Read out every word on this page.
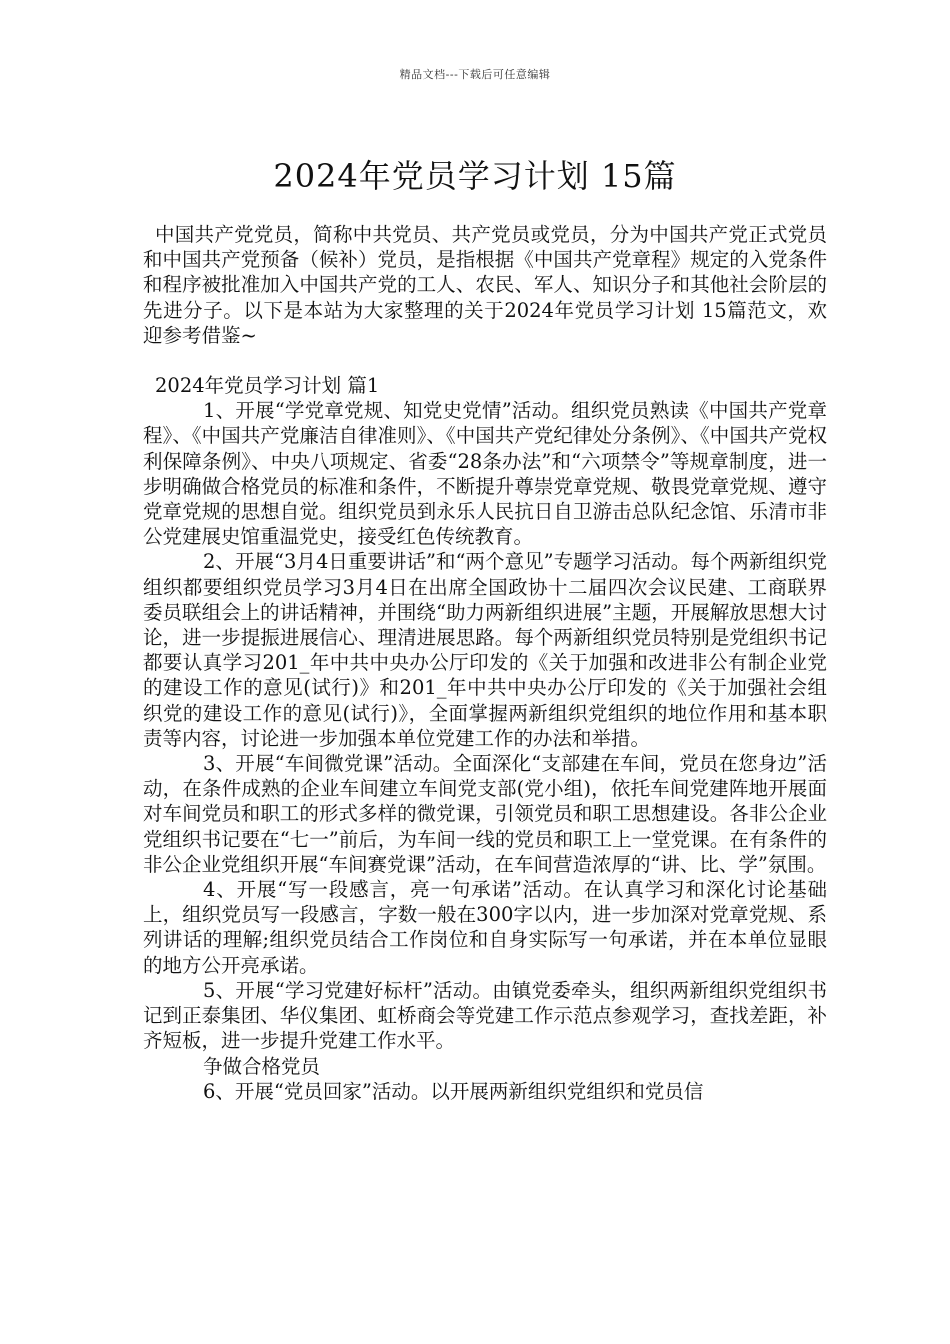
精品文档---下载后可任意编辑
2024年党员学习计划 15篇

中国共产党党员，简称中共党员、共产党员或党员，分为中国共产党正式党员和中国共产党预备（候补）党员，是指根据《中国共产党章程》规定的入党条件和程序被批准加入中国共产党的工人、农民、军人、知识分子和其他社会阶层的先进分子。以下是本站为大家整理的关于2024年党员学习计划 15篇范文，欢迎参考借鉴~

2024年党员学习计划 篇1

1、开展“学党章党规、知党史党情”活动。组织党员熟读《中国共产党章程》、《中国共产党廉洁自律准则》、《中国共产党纪律处分条例》、《中国共产党权利保障条例》、中央八项规定、省委“28条办法”和“六项禁令”等规章制度，进一步明确做合格党员的标准和条件，不断提升尊崇党章党规、敬畏党章党规、遵守党章党规的思想自觉。组织党员到永乐人民抗日自卫游击总队纪念馆、乐清市非公党建展史馆重温党史，接受红色传统教育。

2、开展“3月4日重要讲话”和“两个意见”专题学习活动。每个两新组织党组织都要组织党员学习3月4日在出席全国政协十二届四次会议民建、工商联界委员联组会上的讲话精神，并围绕“助力两新组织进展”主题，开展解放思想大讨论，进一步提振进展信心、理清进展思路。每个两新组织党员特别是党组织书记都要认真学习201_年中共中央办公厅印发的《关于加强和改进非公有制企业党的建设工作的意见(试行)》和201_年中共中央办公厅印发的《关于加强社会组织党的建设工作的意见(试行)》，全面掌握两新组织党组织的地位作用和基本职责等内容，讨论进一步加强本单位党建工作的办法和举措。

3、开展“车间微党课”活动。全面深化“支部建在车间，党员在您身边”活动，在条件成熟的企业车间建立车间党支部(党小组)，依托车间党建阵地开展面对车间党员和职工的形式多样的微党课，引领党员和职工思想建设。各非公企业党组织书记要在“七一”前后，为车间一线的党员和职工上一堂党课。在有条件的非公企业党组织开展“车间赛党课”活动，在车间营造浓厚的“讲、比、学”氛围。

4、开展“写一段感言，亮一句承诺”活动。在认真学习和深化讨论基础上，组织党员写一段感言，字数一般在300字以内，进一步加深对党章党规、系列讲话的理解;组织党员结合工作岗位和自身实际写一句承诺，并在本单位显眼的地方公开亮承诺。

5、开展“学习党建好标杆”活动。由镇党委牵头，组织两新组织党组织书记到正泰集团、华仪集团、虹桥商会等党建工作示范点参观学习，查找差距，补齐短板，进一步提升党建工作水平。

争做合格党员

6、开展“党员回家”活动。以开展两新组织党组织和党员信
